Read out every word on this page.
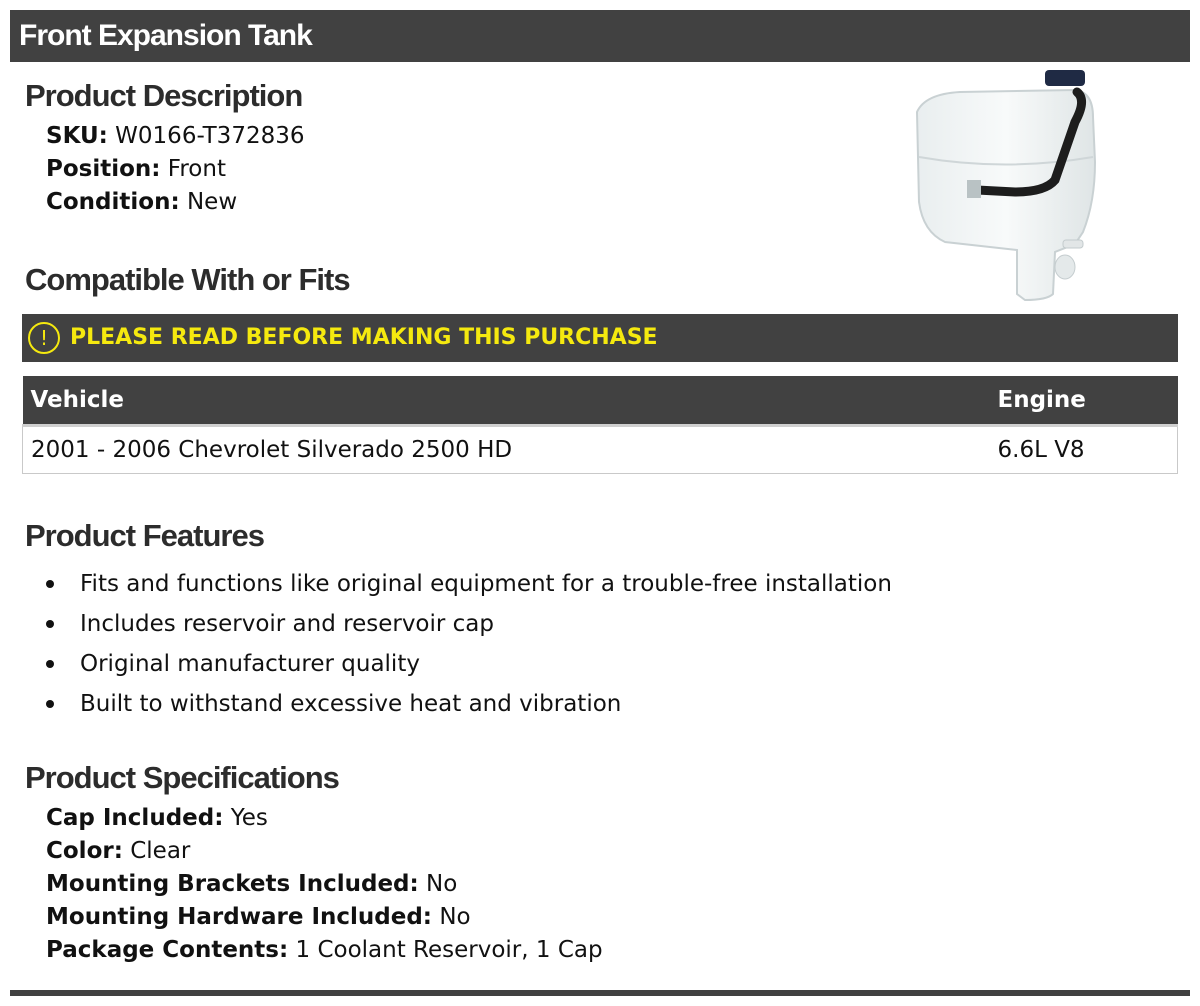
Front Expansion Tank
Product Description
SKU: W0166-T372836
Position: Front
Condition: New
Compatible With or Fits
! PLEASE READ BEFORE MAKING THIS PURCHASE
Vehicle	Engine
2001 - 2006 Chevrolet Silverado 2500 HD	6.6L V8
Product Features
Fits and functions like original equipment for a trouble-free installation
Includes reservoir and reservoir cap
Original manufacturer quality
Built to withstand excessive heat and vibration
Product Specifications
Cap Included: Yes
Color: Clear
Mounting Brackets Included: No
Mounting Hardware Included: No
Package Contents: 1 Coolant Reservoir, 1 Cap
